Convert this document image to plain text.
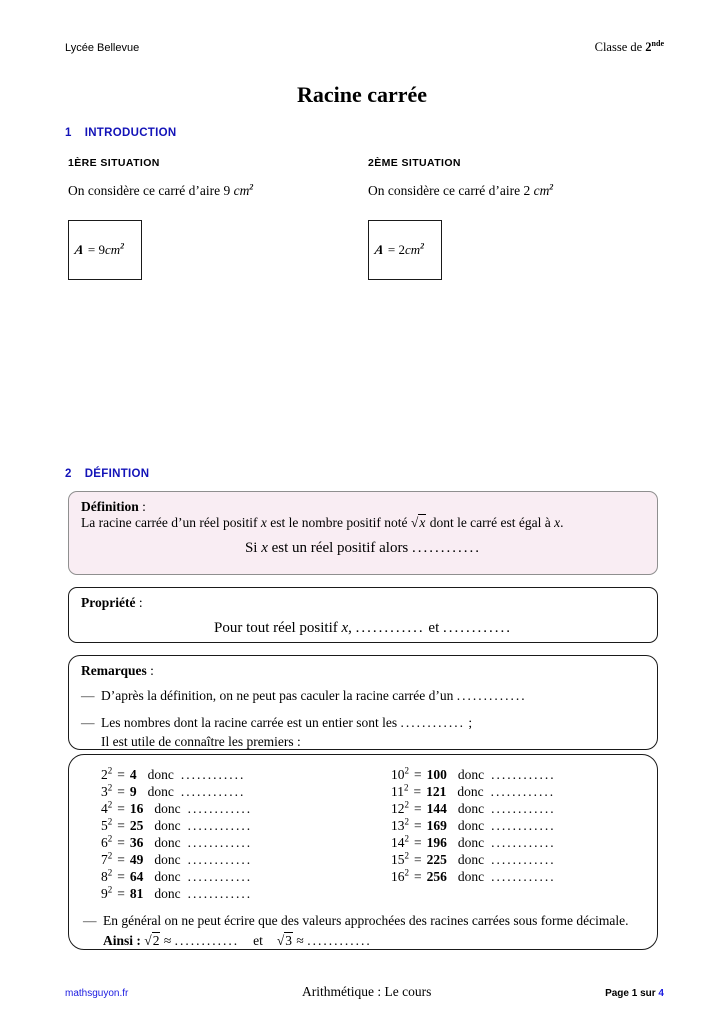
Lycée Bellevue	Classe de 2nde
Racine carrée
1 INTRODUCTION
1ÈRE SITUATION
On considère ce carré d’aire 9 $cm^2$
$A = 9cm^2$
2ÈME SITUATION
On considère ce carré d’aire 2 $cm^2$
$A = 2cm^2$
2 DÉFINTION
Définition :
La racine carrée d’un réel positif x est le nombre positif noté √x dont le carré est égal à x.
Si x est un réel positif alors ............
Propriété :
Pour tout réel positif x, ............ et ............
Remarques :
— D’après la définition, on ne peut pas caculer la racine carrée d’un .............
— Les nombres dont la racine carrée est un entier sont les ............ ;
Il est utile de connaître les premiers :
$2^2 = 4$ donc ............
$3^2 = 9$ donc ............
$4^2 = 16$ donc ............
$5^2 = 25$ donc ............
$6^2 = 36$ donc ............
$7^2 = 49$ donc ............
$8^2 = 64$ donc ............
$9^2 = 81$ donc ............
$10^2 = 100$ donc ............
$11^2 = 121$ donc ............
$12^2 = 144$ donc ............
$13^2 = 169$ donc ............
$14^2 = 196$ donc ............
$15^2 = 225$ donc ............
$16^2 = 256$ donc ............
— En général on ne peut écrire que des valeurs approchées des racines carrées sous forme décimale.
Ainsi : √2 ≈ ............ et √3 ≈ ............
mathsguyon.fr	Arithmétique : Le cours	Page 1 sur 4
